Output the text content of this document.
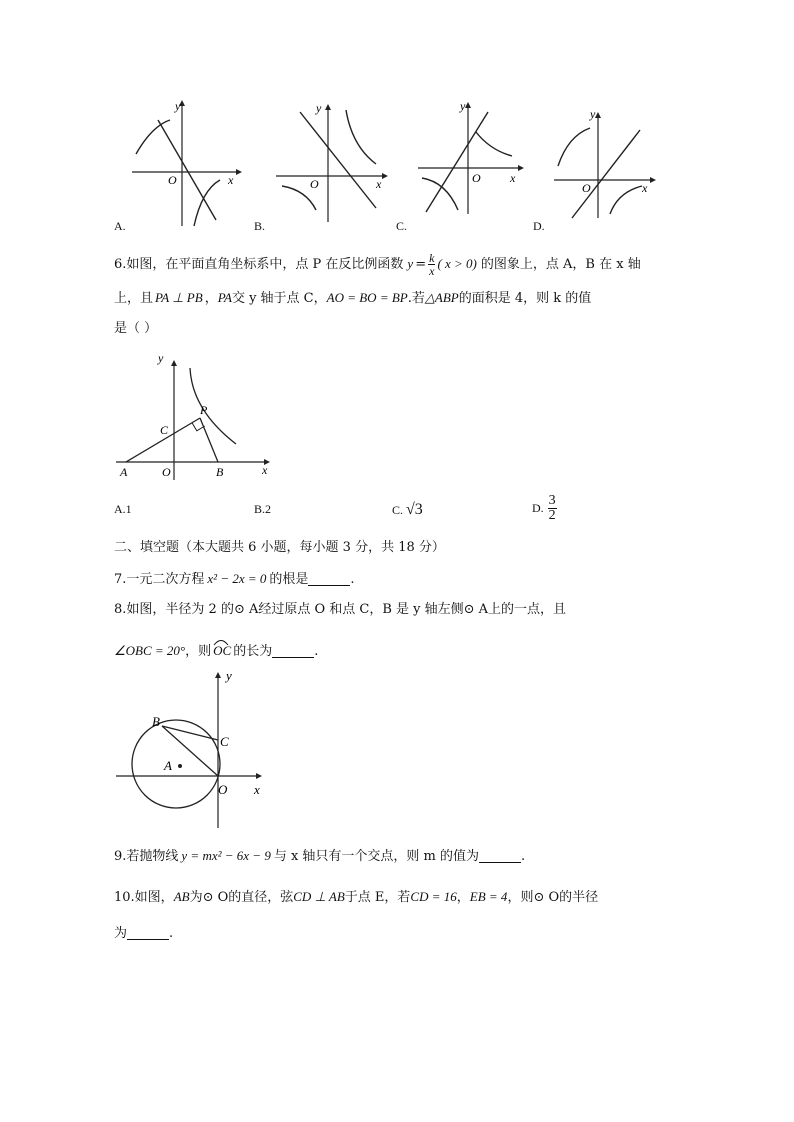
x
y
O
A.
x
y
O
B.
x
y
O
C.
x
y
O
D.
6.如图，在平面直角坐标系中，点 P 在反比例函数 $y = \frac{k}{x}$ ( x > 0) 的图象上，点 A，B 在 x 轴
上，且 PA ⊥ PB ，PA交 y 轴于点 C，AO = BO = BP.若△ABP的面积是 4，则 k 的值
是（ ）
y
x
P
C
A	O	B
A.1	B.2	C. √3	D. $\frac{3}{2}$
二、填空题（本大题共 6 小题，每小题 3 分，共 18 分）
7.一元二次方程 x² − 2x = 0 的根是	.
8.如图，半径为 2 的⊙ A经过原点 O 和点 C，B 是 y 轴左侧⊙ A上的一点，且
∠OBC = 20°，则 OC 的长为	.
y
x
B
C
A
O
9.若抛物线 y = mx² − 6x − 9 与 x 轴只有一个交点，则 m 的值为	.
10.如图，AB为⊙ O的直径，弦CD ⊥ AB于点 E，若CD = 16，EB = 4，则⊙ O的半径
为	.
